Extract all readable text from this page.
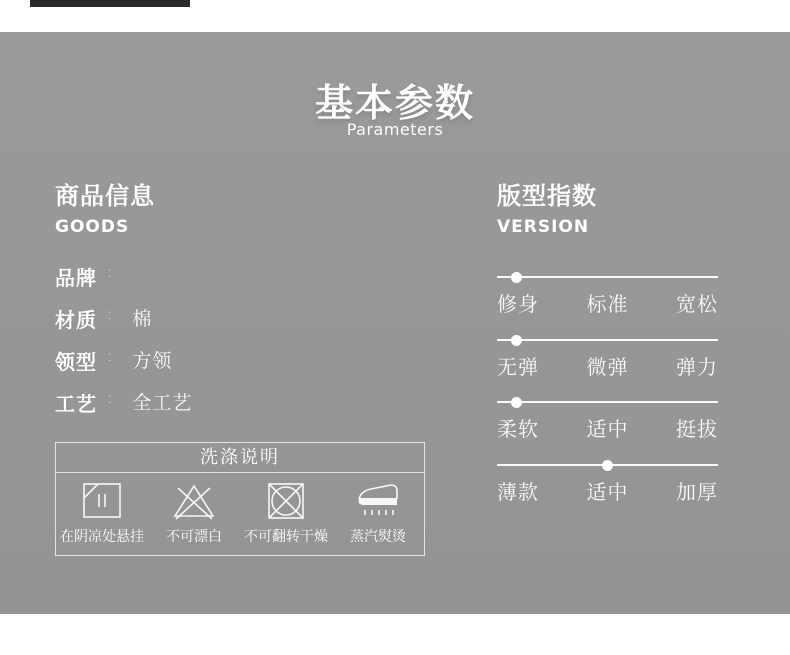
基本参数
Parameters
商品信息
GOODS
品牌 :
材质 : 棉
领型 : 方领
工艺 : 全工艺
洗涤说明
在阴凉处悬挂 不可漂白 不可翻转干燥 蒸汽熨烫
版型指数
VERSION
修身 标准 宽松
无弹 微弹 弹力
柔软 适中 挺拔
薄款 适中 加厚
